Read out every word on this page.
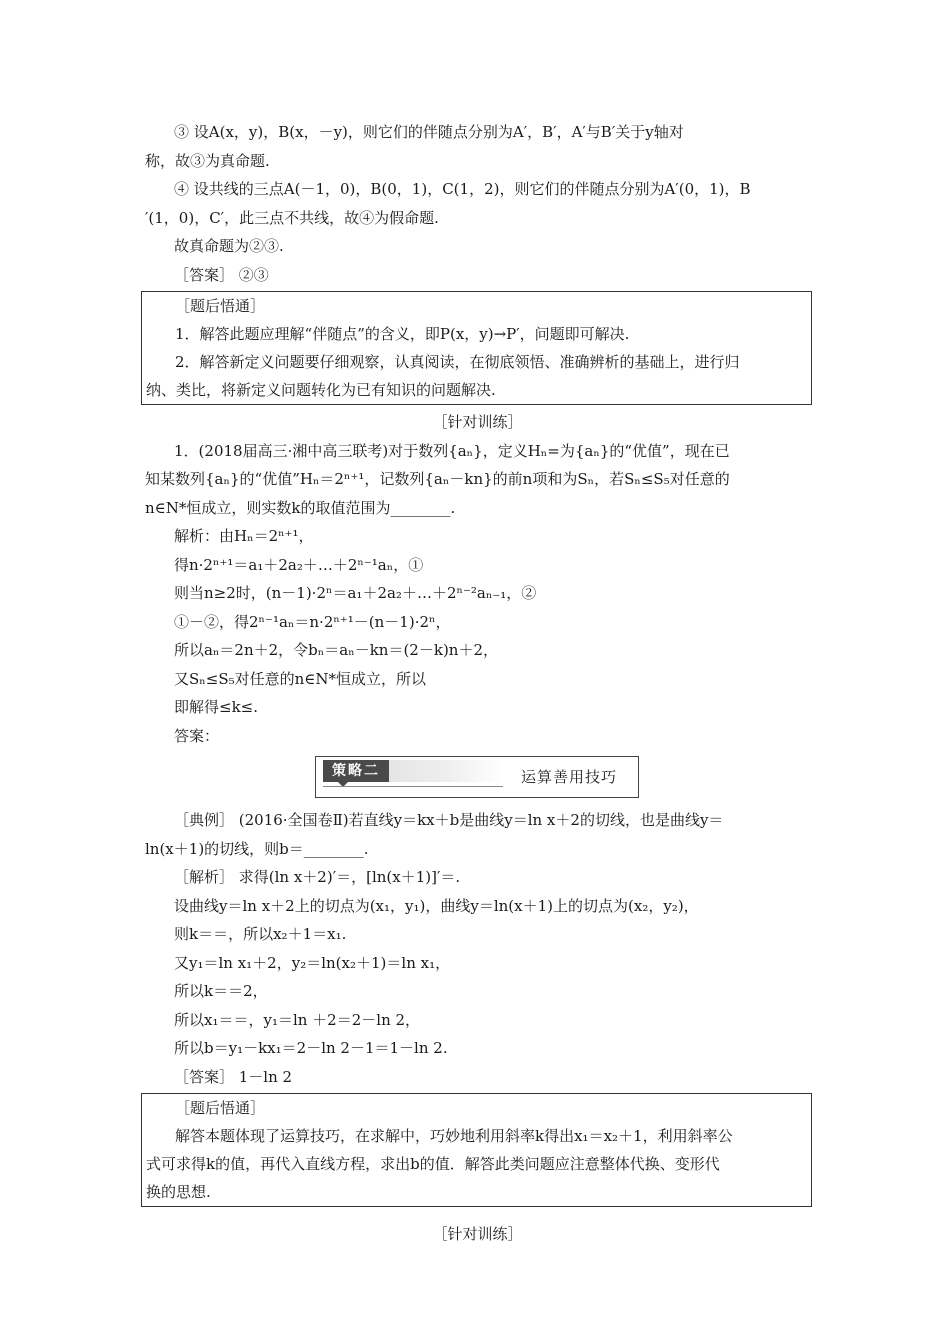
③ 设A(x，y)，B(x，－y)，则它们的伴随点分别为A′，B′，A′与B′关于y轴对
称，故③为真命题.
④ 设共线的三点A(－1，0)，B(0，1)，C(1，2)，则它们的伴随点分别为A′(0，1)，B
′(1，0)，C′，此三点不共线，故④为假命题.
故真命题为②③.
［答案］ ②③
［题后悟通］
1．解答此题应理解“伴随点”的含义，即P(x，y)→P′，问题即可解决.
2．解答新定义问题要仔细观察，认真阅读，在彻底领悟、准确辨析的基础上，进行归
纳、类比，将新定义问题转化为已有知识的问题解决.
［针对训练］
1．(2018届高三·湘中高三联考)对于数列{aₙ}，定义Hₙ=为{aₙ}的“优值”，现在已
知某数列{aₙ}的“优值”Hₙ＝2ⁿ⁺¹，记数列{aₙ－kn}的前n项和为Sₙ，若Sₙ≤S₅对任意的
n∈N*恒成立，则实数k的取值范围为________.
解析：由Hₙ＝2ⁿ⁺¹，
得n·2ⁿ⁺¹＝a₁＋2a₂＋…＋2ⁿ⁻¹aₙ，①
则当n≥2时，(n－1)·2ⁿ＝a₁＋2a₂＋…＋2ⁿ⁻²aₙ₋₁，②
①－②，得2ⁿ⁻¹aₙ＝n·2ⁿ⁺¹－(n－1)·2ⁿ，
所以aₙ＝2n＋2，令bₙ＝aₙ－kn＝(2－k)n＋2，
又Sₙ≤S₅对任意的n∈N*恒成立，所以
即解得≤k≤.
答案：
策略二	运算善用技巧
［典例］ (2016·全国卷Ⅱ)若直线y＝kx＋b是曲线y＝ln x＋2的切线，也是曲线y＝
ln(x＋1)的切线，则b＝________.
［解析］ 求得(ln x＋2)′＝，[ln(x＋1)]′＝.
设曲线y＝ln x＋2上的切点为(x₁，y₁)，曲线y＝ln(x＋1)上的切点为(x₂，y₂)，
则k＝＝，所以x₂＋1＝x₁.
又y₁＝ln x₁＋2，y₂＝ln(x₂＋1)＝ln x₁，
所以k＝＝2，
所以x₁＝＝，y₁＝ln ＋2＝2－ln 2，
所以b＝y₁－kx₁＝2－ln 2－1＝1－ln 2.
［答案］ 1－ln 2
［题后悟通］
解答本题体现了运算技巧，在求解中，巧妙地利用斜率k得出x₁＝x₂＋1，利用斜率公
式可求得k的值，再代入直线方程，求出b的值．解答此类问题应注意整体代换、变形代
换的思想.
［针对训练］
